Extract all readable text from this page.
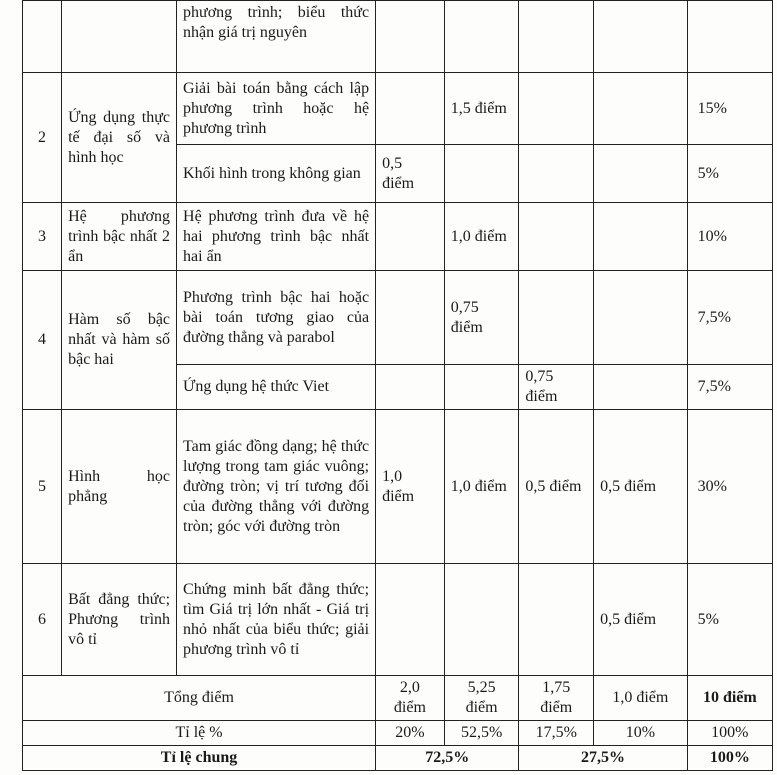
		phương trình; biểu thức nhận giá trị nguyên					
2	Ứng dụng thực tế đại số và hình học	Giải bài toán bằng cách lập phương trình hoặc hệ phương trình		1,5 điểm			15%
		Khối hình trong không gian	0,5 điểm				5%
3	Hệ phương trình bậc nhất 2 ẩn	Hệ phương trình đưa về hệ hai phương trình bậc nhất hai ẩn		1,0 điểm			10%
4	Hàm số bậc nhất và hàm số bậc hai	Phương trình bậc hai hoặc bài toán tương giao của đường thẳng và parabol		0,75 điểm			7,5%
		Ứng dụng hệ thức Viet			0,75 điểm		7,5%
5	Hình học phẳng	Tam giác đồng dạng; hệ thức lượng trong tam giác vuông; đường tròn; vị trí tương đối của đường thẳng với đường tròn; góc với đường tròn	1,0 điểm	1,0 điểm	0,5 điểm	0,5 điểm	30%
6	Bất đẳng thức; Phương trình vô tỉ	Chứng minh bất đẳng thức; tìm Giá trị lớn nhất - Giá trị nhỏ nhất của biểu thức; giải phương trình vô tỉ				0,5 điểm	5%
Tổng điểm			2,0 điểm	5,25 điểm	1,75 điểm	1,0 điểm	10 điểm
Tỉ lệ %			20%	52,5%	17,5%	10%	100%
Tỉ lệ chung			72,5%		27,5%		100%
